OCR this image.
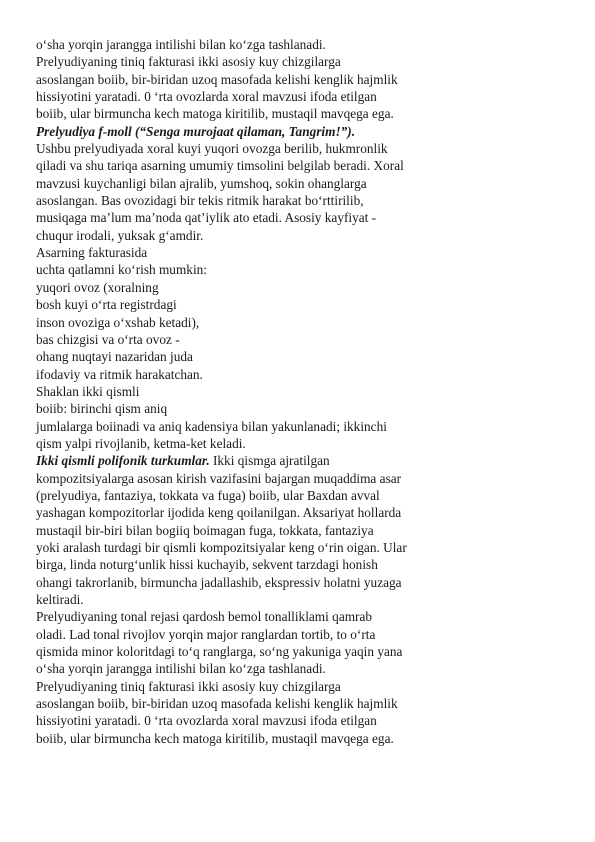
o‘sha yorqin jarangga intilishi bilan ko‘zga tashlanadi.
Prelyudiyaning tiniq fakturasi ikki asosiy kuy chizgilarga
asoslangan boiib, bir-biridan uzoq masofada kelishi kenglik hajmlik
hissiyotini yaratadi. 0 ‘rta ovozlarda xoral mavzusi ifoda etilgan
boiib, ular birmuncha kech matoga kiritilib, mustaqil mavqega ega.
Prelyudiya f-moll (“Senga murojaat qilaman, Tangrim!”).
Ushbu prelyudiyada xoral kuyi yuqori ovozga berilib, hukmronlik
qiladi va shu tariqa asarning umumiy timsolini belgilab beradi. Xoral
mavzusi kuychanligi bilan ajralib, yumshoq, sokin ohanglarga
asoslangan. Bas ovozidagi bir tekis ritmik harakat bo‘rttirilib,
musiqaga ma’lum ma’noda qat’iylik ato etadi. Asosiy kayfiyat -
chuqur irodali, yuksak g‘amdir.
Asarning fakturasida
uchta qatlamni ko‘rish mumkin:
yuqori ovoz (xoralning
bosh kuyi o‘rta registrdagi
inson ovoziga o‘xshab ketadi),
bas chizgisi va o‘rta ovoz -
ohang nuqtayi nazaridan juda
ifodaviy va ritmik harakatchan.
Shaklan ikki qismli
boiib: birinchi qism aniq
jumlalarga boiinadi va aniq kadensiya bilan yakunlanadi; ikkinchi
qism yalpi rivojlanib, ketma-ket keladi.
Ikki qismli polifonik turkumlar. Ikki qismga ajratilgan
kompozitsiyalarga asosan kirish vazifasini bajargan muqaddima asar
(prelyudiya, fantaziya, tokkata va fuga) boiib, ular Baxdan avval
yashagan kompozitorlar ijodida keng qoilanilgan. Aksariyat hollarda
mustaqil bir-biri bilan bogiiq boimagan fuga, tokkata, fantaziya
yoki aralash turdagi bir qismli kompozitsiyalar keng o‘rin oigan. Ular
birga, linda noturg‘unlik hissi kuchayib, sekvent tarzdagi honish
ohangi takrorlanib, birmuncha jadallashib, ekspressiv holatni yuzaga
keltiradi.
Prelyudiyaning tonal rejasi qardosh bemol tonalliklami qamrab
oladi. Lad tonal rivojlov yorqin major ranglardan tortib, to o‘rta
qismida minor koloritdagi to‘q ranglarga, so‘ng yakuniga yaqin yana
o‘sha yorqin jarangga intilishi bilan ko‘zga tashlanadi.
Prelyudiyaning tiniq fakturasi ikki asosiy kuy chizgilarga
asoslangan boiib, bir-biridan uzoq masofada kelishi kenglik hajmlik
hissiyotini yaratadi. 0 ‘rta ovozlarda xoral mavzusi ifoda etilgan
boiib, ular birmuncha kech matoga kiritilib, mustaqil mavqega ega.
